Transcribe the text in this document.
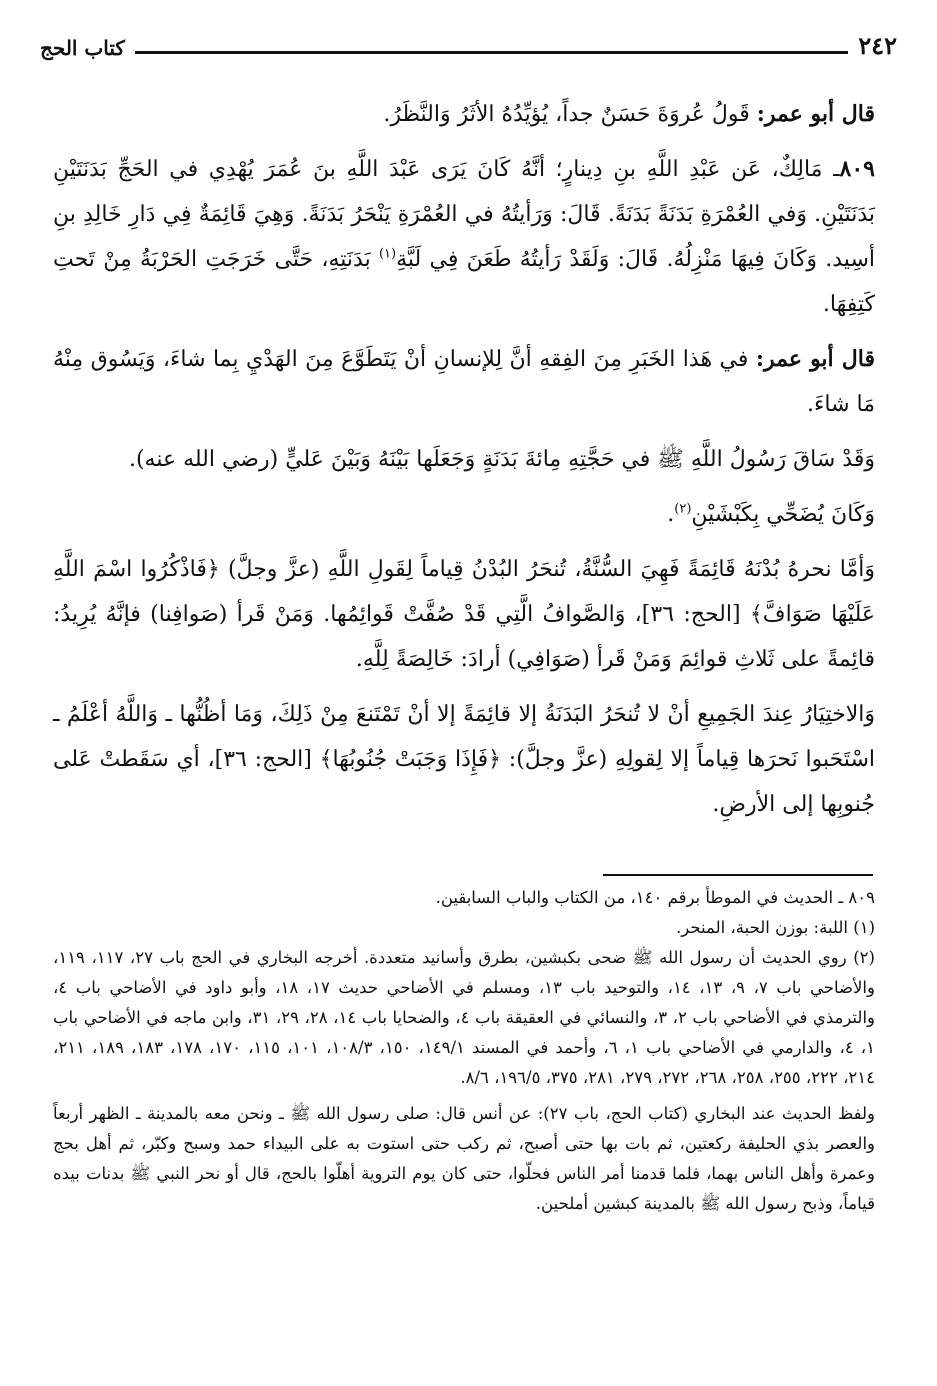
٢٤٢
كتاب الحج

قال أبو عمر: قَولُ عُروَةَ حَسَنٌ جداً، يُؤيِّدُهُ الأثَرُ وَالنَّظَرُ.

٨٠٩ـ مَالِكٌ، عَن عَبْدِ اللَّهِ بنِ دِينارٍ؛ أنَّهُ كَانَ يَرَى عَبْدَ اللَّهِ بنَ عُمَرَ يُهْدِي في الحَجِّ بَدَنَتَيْنِ بَدَنَتَيْنِ. وَفي العُمْرَةِ بَدَنَةً بَدَنَةً. قَالَ: وَرَأيتُهُ في العُمْرَةِ يَنْحَرُ بَدَنَةً. وَهِيَ قَائِمَةٌ فِي دَارِ خَالِدِ بنِ أسِيد. وَكَانَ فِيهَا مَنْزِلُهُ. قَالَ: وَلَقَدْ رَأيتُهُ طَعَنَ فِي لَبَّةِ$^{(١)}$ بَدَنَتِهِ، حَتَّى خَرَجَتِ الحَرْبَةُ مِنْ تَحتِ كَتِفِهَا.

قال أبو عمر: في هَذا الخَبَرِ مِنَ الفِقهِ أنَّ لِلإنسانِ أنْ يَتَطَوَّعَ مِنَ الهَدْيِ بِما شاءَ، وَيَسُوق مِنْهُ مَا شاءَ.

وَقَدْ سَاقَ رَسُولُ اللَّهِ ﷺ في حَجَّتِهِ مِائةَ بَدَنَةٍ وَجَعَلَها بَيْنَهُ وَبَيْنَ عَليٍّ (رضي الله عنه).

وَكَانَ يُضَحِّي بِكَبْشَيْنِ$^{(٢)}$.

وَأمَّا نحرهُ بُدْنَهُ قَائِمَةً فَهِيَ السُّنَّةُ، تُنحَرُ البُدْنُ قِياماً لِقَولِ اللَّهِ (عزَّ وجلَّ) ﴿فَاذْكُرُوا اسْمَ اللَّهِ عَلَيْهَا صَوَافَّ﴾ [الحج: ٣٦]، وَالصَّوافُ الَّتِي قَدْ صُفَّتْ قَوائِمُها. وَمَنْ قَرأ (صَوافِنا) فإنَّهُ يُرِيدُ: قائِمةً على ثَلاثِ قوائِمَ وَمَنْ قَرأ (صَوَافِي) أرادَ: خَالِصَةً لِلَّهِ.

وَالاختِيَارُ عِندَ الجَمِيعِ أنْ لا تُنحَرُ البَدَنَةُ إلا قائِمَةً إلا أنْ تَمْتَنعَ مِنْ ذَلِكَ، وَمَا أظُنُّها ـ وَاللَّهُ أعْلَمُ ـ اسْتَحَبوا نَحرَها قِياماً إلا لِقولِهِ (عزَّ وجلَّ): ﴿فَإِذَا وَجَبَتْ جُنُوبُهَا﴾ [الحج: ٣٦]، أي سَقَطتْ عَلى جُنوبِها إلى الأرضِ.

٨٠٩ ـ الحديث في الموطأ برقم ١٤٠، من الكتاب والباب السابقين.

(١) اللبة: بوزن الحبة، المنحر.

(٢) روي الحديث أن رسول الله ﷺ ضحى بكبشين، بطرق وأسانيد متعددة. أخرجه البخاري في الحج باب ٢٧، ١١٧، ١١٩، والأضاحي باب ٧، ٩، ١٣، ١٤، والتوحيد باب ١٣، ومسلم في الأضاحي حديث ١٧، ١٨، وأبو داود في الأضاحي باب ٤، والترمذي في الأضاحي باب ٢، ٣، والنسائي في العقيقة باب ٤، والضحايا باب ١٤، ٢٨، ٢٩، ٣١، وابن ماجه في الأضاحي باب ١، ٤، والدارمي في الأضاحي باب ١، ٦، وأحمد في المسند ١٤٩/١، ١٥٠، ١٠٨/٣، ١٠١، ١١٥، ١٧٠، ١٧٨، ١٨٣، ١٨٩، ٢١١، ٢١٤، ٢٢٢، ٢٥٥، ٢٥٨، ٢٦٨، ٢٧٢، ٢٧٩، ٢٨١، ٣٧٥، ١٩٦/٥، ٨/٦.

ولفظ الحديث عند البخاري (كتاب الحج، باب ٢٧): عن أنس قال: صلى رسول الله ﷺ ـ ونحن معه بالمدينة ـ الظهر أربعاً والعصر بذي الحليفة ركعتين، ثم بات بها حتى أصبح، ثم ركب حتى استوت به على البيداء حمد وسبح وكبّر، ثم أهل بحج وعمرة وأهل الناس بهما، فلما قدمنا أمر الناس فحلّوا، حتى كان يوم التروية أهلّوا بالحج، قال أو نحر النبي ﷺ بدنات بيده قياماً، وذبح رسول الله ﷺ بالمدينة كبشين أملحين.
